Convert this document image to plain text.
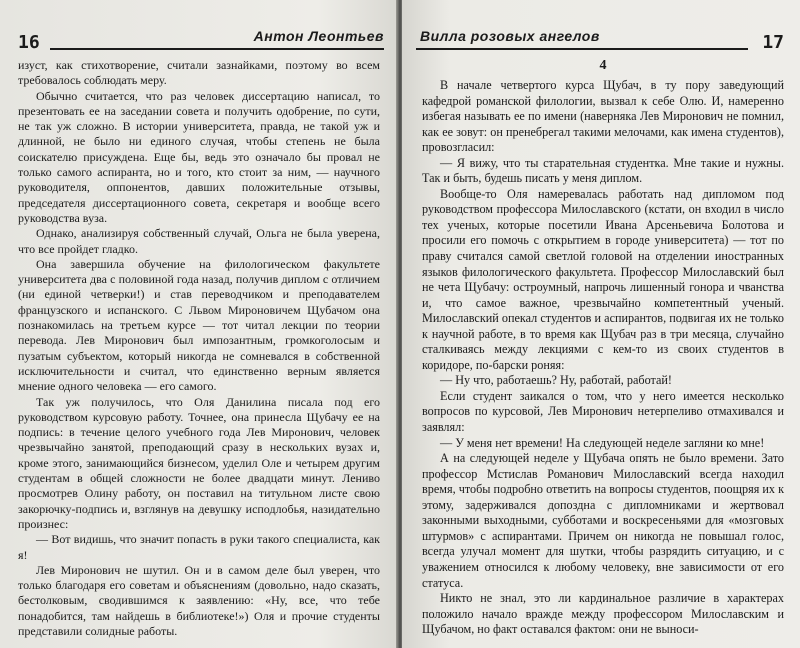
16	Антон Леонтьев

изуст, как стихотворение, считали зазнайками, поэтому во всем требовалось соблюдать меру.

Обычно считается, что раз человек диссертацию написал, то презентовать ее на заседании совета и получить одобрение, по сути, не так уж сложно. В истории университета, правда, не такой уж и длинной, не было ни единого случая, чтобы степень не была соискателю присуждена. Еще бы, ведь это означало бы провал не только самого аспиранта, но и того, кто стоит за ним, — научного руководителя, оппонентов, давших положительные отзывы, председателя диссертационного совета, секретаря и вообще всего руководства вуза.

Однако, анализируя собственный случай, Ольга не была уверена, что все пройдет гладко.

Она завершила обучение на филологическом факультете университета два с половиной года назад, получив диплом с отличием (ни единой четверки!) и став переводчиком и преподавателем французского и испанского. С Львом Мироновичем Щубачом она познакомилась на третьем курсе — тот читал лекции по теории перевода. Лев Миронович был импозантным, громкоголосым и пузатым субъектом, который никогда не сомневался в собственной исключительности и считал, что единственно верным является мнение одного человека — его самого.

Так уж получилось, что Оля Данилина писала под его руководством курсовую работу. Точнее, она принесла Щубачу ее на подпись: в течение целого учебного года Лев Миронович, человек чрезвычайно занятой, преподающий сразу в нескольких вузах и, кроме этого, занимающийся бизнесом, уделил Оле и четырем другим студентам в общей сложности не более двадцати минут. Лениво просмотрев Олину работу, он поставил на титульном листе свою закорючку-подпись и, взглянув на девушку исподлобья, назидательно произнес:

— Вот видишь, что значит попасть в руки такого специалиста, как я!

Лев Миронович не шутил. Он и в самом деле был уверен, что только благодаря его советам и объяснениям (довольно, надо сказать, бестолковым, сводившимся к заявлению: «Ну, все, что тебе понадобится, там найдешь в библиотеке!») Оля и прочие студенты представили солидные работы.

Вилла розовых ангелов	17
4

В начале четвертого курса Щубач, в ту пору заведующий кафедрой романской филологии, вызвал к себе Олю. И, намеренно избегая называть ее по имени (наверняка Лев Миронович не помнил, как ее зовут: он пренебрегал такими мелочами, как имена студентов), провозгласил:

— Я вижу, что ты старательная студентка. Мне такие и нужны. Так и быть, будешь писать у меня диплом.

Вообще-то Оля намеревалась работать над дипломом под руководством профессора Милославского (кстати, он входил в число тех ученых, которые посетили Ивана Арсеньевича Болотова и просили его помочь с открытием в городе университета) — тот по праву считался самой светлой головой на отделении иностранных языков филологического факультета. Профессор Милославский был не чета Щубачу: остроумный, напрочь лишенный гонора и чванства и, что самое важное, чрезвычайно компетентный ученый. Милославский опекал студентов и аспирантов, подвигая их не только к научной работе, в то время как Щубач раз в три месяца, случайно сталкиваясь между лекциями с кем-то из своих студентов в коридоре, по-барски роняя:

— Ну что, работаешь? Ну, работай, работай!

Если студент заикался о том, что у него имеется несколько вопросов по курсовой, Лев Миронович нетерпеливо отмахивался и заявлял:

— У меня нет времени! На следующей неделе загляни ко мне!

А на следующей неделе у Щубача опять не было времени. Зато профессор Мстислав Романович Милославский всегда находил время, чтобы подробно ответить на вопросы студентов, поощряя их к этому, задерживался допоздна с дипломниками и жертвовал законными выходными, субботами и воскресеньями для «мозговых штурмов» с аспирантами. Причем он никогда не повышал голос, всегда улучал момент для шутки, чтобы разрядить ситуацию, и с уважением относился к любому человеку, вне зависимости от его статуса.

Никто не знал, это ли кардинальное различие в характерах положило начало вражде между профессором Милославским и Щубачом, но факт оставался фактом: они не выноси-
